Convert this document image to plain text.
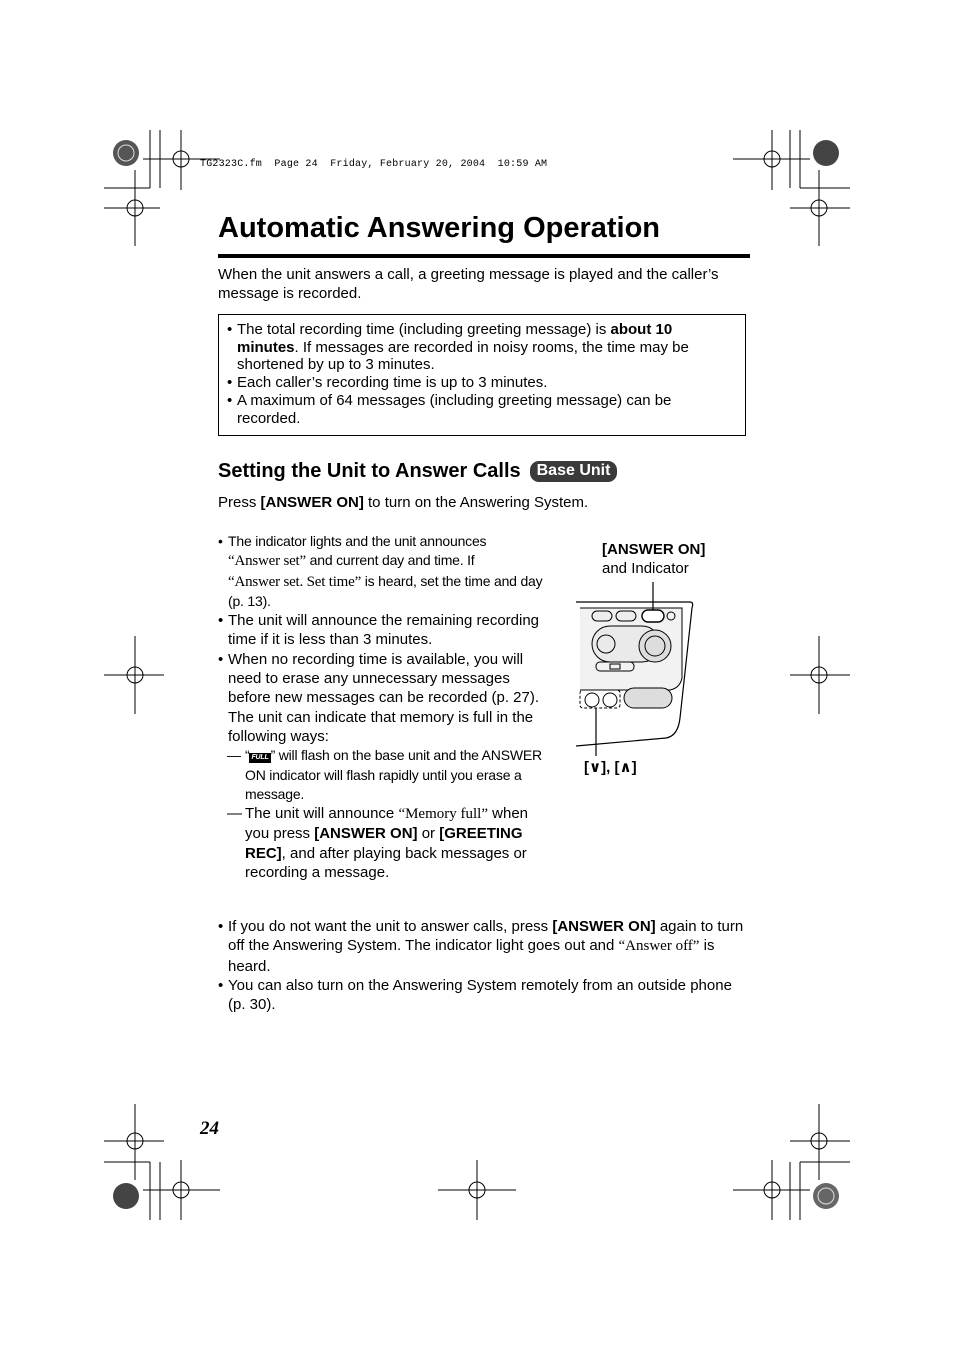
TG2323C.fm  Page 24  Friday, February 20, 2004  10:59 AM
Automatic Answering Operation

When the unit answers a call, a greeting message is played and the caller’s message is recorded.

• The total recording time (including greeting message) is about 10 minutes. If messages are recorded in noisy rooms, the time may be shortened by up to 3 minutes.
• Each caller’s recording time is up to 3 minutes.
• A maximum of 64 messages (including greeting message) can be recorded.
Setting the Unit to Answer Calls	Base Unit
Press [ANSWER ON] to turn on the Answering System.
• The indicator lights and the unit announces
“Answer set” and current day and time. If
“Answer set. Set time” is heard, set the time and day (p. 13).
• The unit will announce the remaining recording time if it is less than 3 minutes.
• When no recording time is available, you will need to erase any unnecessary messages before new messages can be recorded (p. 27). The unit can indicate that memory is full in the following ways:
— “ FULL ” will flash on the base unit and the ANSWER ON indicator will flash rapidly until you erase a message.
— The unit will announce “Memory full” when you press [ANSWER ON] or [GREETING REC], and after playing back messages or recording a message.
[ANSWER ON]
and Indicator
[∨], [∧]
• If you do not want the unit to answer calls, press [ANSWER ON] again to turn off the Answering System. The indicator light goes out and “Answer off” is heard.
• You can also turn on the Answering System remotely from an outside phone (p. 30).
24
